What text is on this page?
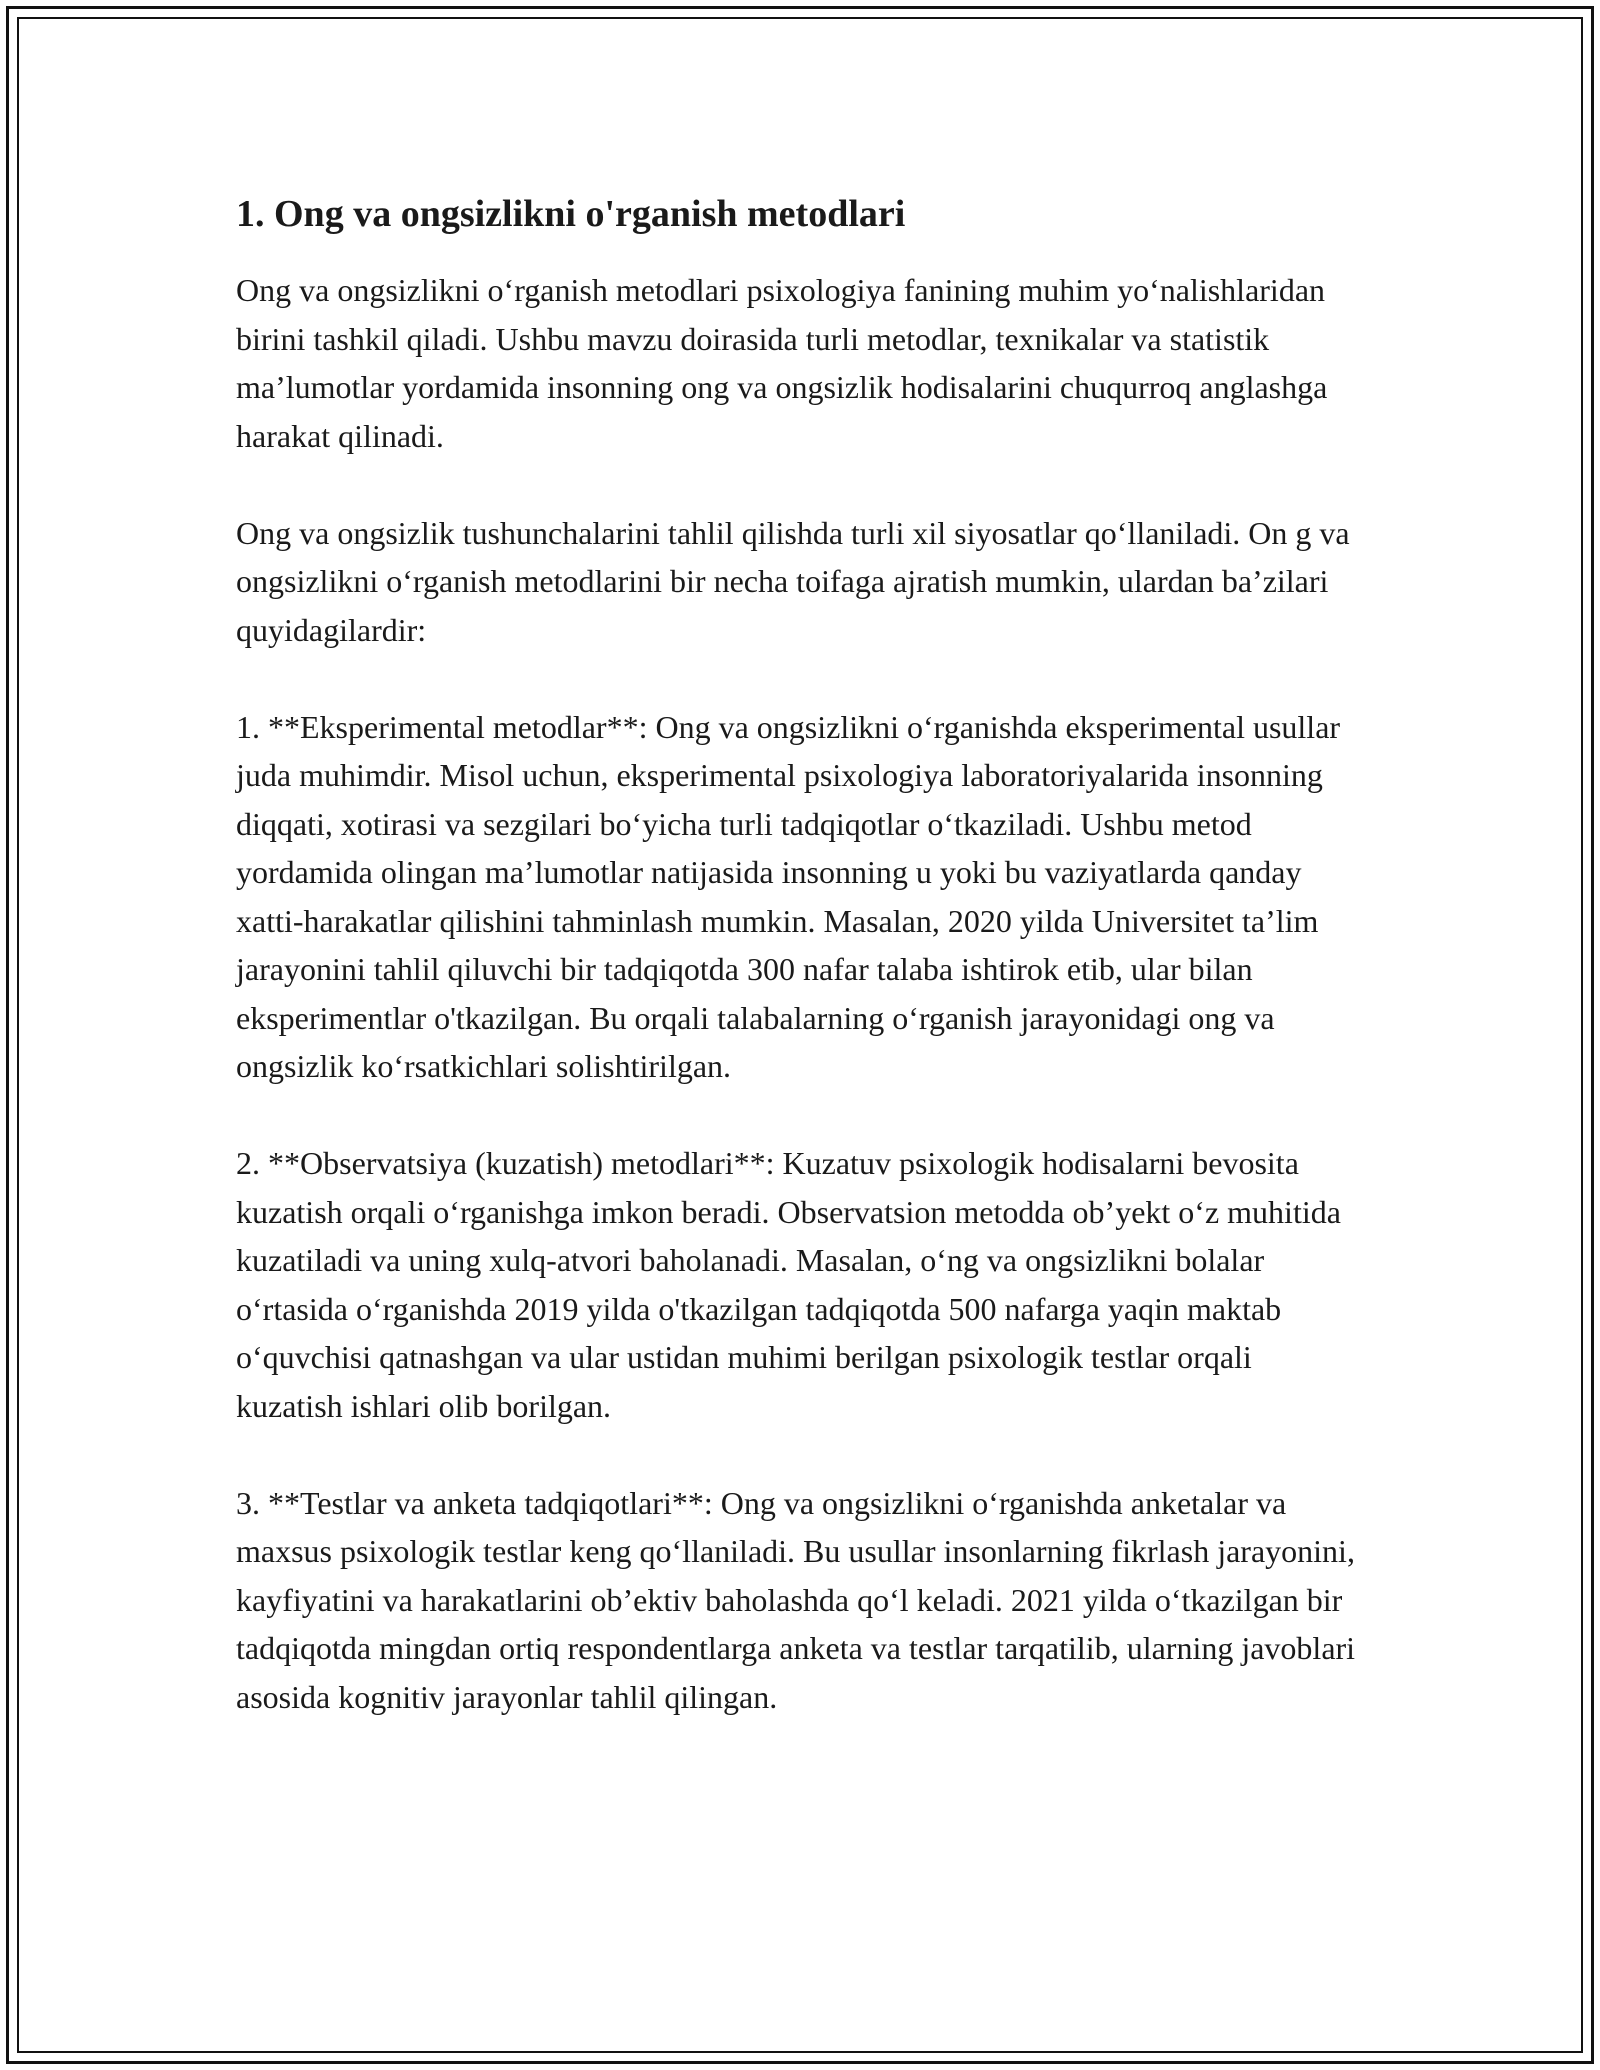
1. Ong va ongsizlikni o'rganish metodlari

Ong va ongsizlikni o‘rganish metodlari psixologiya fanining muhim yo‘nalishlaridan birini tashkil qiladi. Ushbu mavzu doirasida turli metodlar, texnikalar va statistik ma’lumotlar yordamida insonning ong va ongsizlik hodisalarini chuqurroq anglashga harakat qilinadi.

Ong va ongsizlik tushunchalarini tahlil qilishda turli xil siyosatlar qo‘llaniladi. On g va ongsizlikni o‘rganish metodlarini bir necha toifaga ajratish mumkin, ulardan ba’zilari quyidagilardir:

1. **Eksperimental metodlar**: Ong va ongsizlikni o‘rganishda eksperimental usullar juda muhimdir. Misol uchun, eksperimental psixologiya laboratoriyalarida insonning diqqati, xotirasi va sezgilari bo‘yicha turli tadqiqotlar o‘tkaziladi. Ushbu metod yordamida olingan ma’lumotlar natijasida insonning u yoki bu vaziyatlarda qanday xatti-harakatlar qilishini tahminlash mumkin. Masalan, 2020 yilda Universitet ta’lim jarayonini tahlil qiluvchi bir tadqiqotda 300 nafar talaba ishtirok etib, ular bilan eksperimentlar o'tkazilgan. Bu orqali talabalarning o‘rganish jarayonidagi ong va ongsizlik ko‘rsatkichlari solishtirilgan.

2. **Observatsiya (kuzatish) metodlari**: Kuzatuv psixologik hodisalarni bevosita kuzatish orqali o‘rganishga imkon beradi. Observatsion metodda ob’yekt o‘z muhitida kuzatiladi va uning xulq-atvori baholanadi. Masalan, o‘ng va ongsizlikni bolalar o‘rtasida o‘rganishda 2019 yilda o'tkazilgan tadqiqotda 500 nafarga yaqin maktab o‘quvchisi qatnashgan va ular ustidan muhimi berilgan psixologik testlar orqali kuzatish ishlari olib borilgan.

3. **Testlar va anketa tadqiqotlari**: Ong va ongsizlikni o‘rganishda anketalar va maxsus psixologik testlar keng qo‘llaniladi. Bu usullar insonlarning fikrlash jarayonini, kayfiyatini va harakatlarini ob’ektiv baholashda qo‘l keladi. 2021 yilda o‘tkazilgan bir tadqiqotda mingdan ortiq respondentlarga anketa va testlar tarqatilib, ularning javoblari asosida kognitiv jarayonlar tahlil qilingan.
